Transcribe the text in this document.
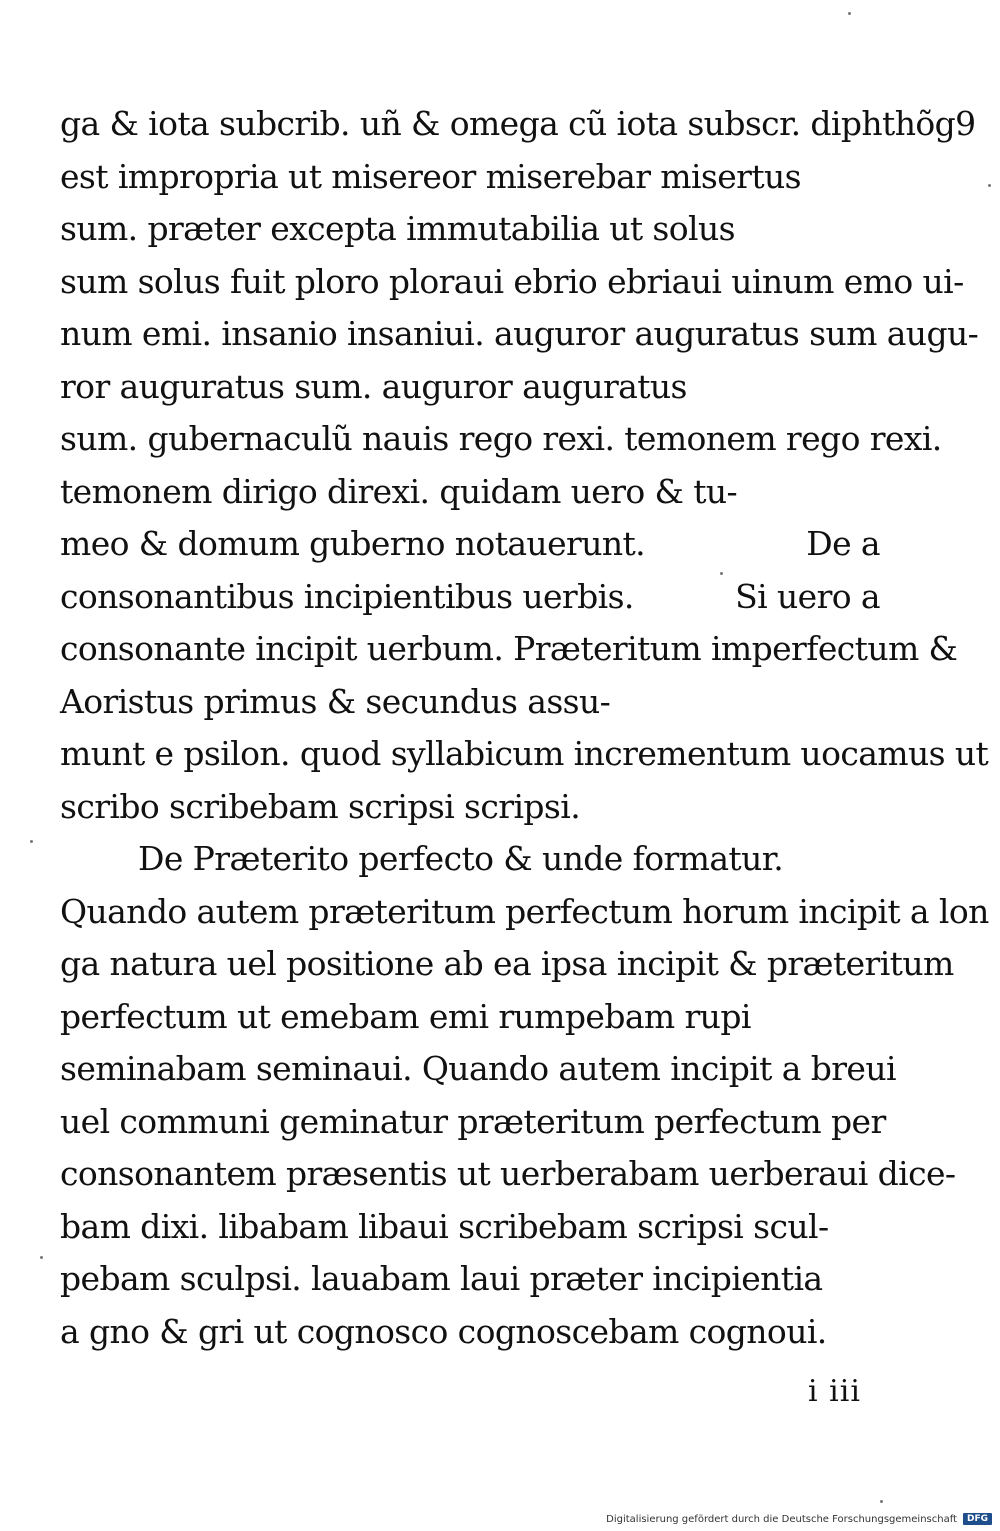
ga & iota subcrib. uñ & omega cũ iota subscr. diphthõg9
est impropria ut misereor miserebar misertus
sum. præter excepta immutabilia ut solus
sum solus fuit ploro ploraui ebrio ebriaui uinum emo ui-
num emi. insanio insaniui. auguror auguratus sum augu-
ror auguratus sum. auguror auguratus
sum. gubernaculũ nauis rego rexi. temonem rego rexi.
temonem dirigo direxi. quidam uero & tu-
meo & domum guberno notauerunt.	De a
consonantibus incipientibus uerbis.	Si uero a
consonante incipit uerbum. Præteritum imperfectum &
Aoristus primus & secundus assu-
munt e psilon. quod syllabicum incrementum uocamus ut
scribo scribebam scripsi scripsi.
De Præterito perfecto & unde formatur.
Quando autem præteritum perfectum horum incipit a lon
ga natura uel positione ab ea ipsa incipit & præteritum
perfectum ut emebam emi rumpebam rupi
seminabam seminaui. Quando autem incipit a breui
uel communi geminatur præteritum perfectum per
consonantem præsentis ut uerberabam uerberaui dice-
bam dixi. libabam libaui scribebam scripsi scul-
pebam sculpsi. lauabam laui præter incipientia
a gno & gri ut cognosco cognoscebam cognoui.
i iii
Digitalisierung gefördert durch die Deutsche Forschungsgemeinschaft	DFG
